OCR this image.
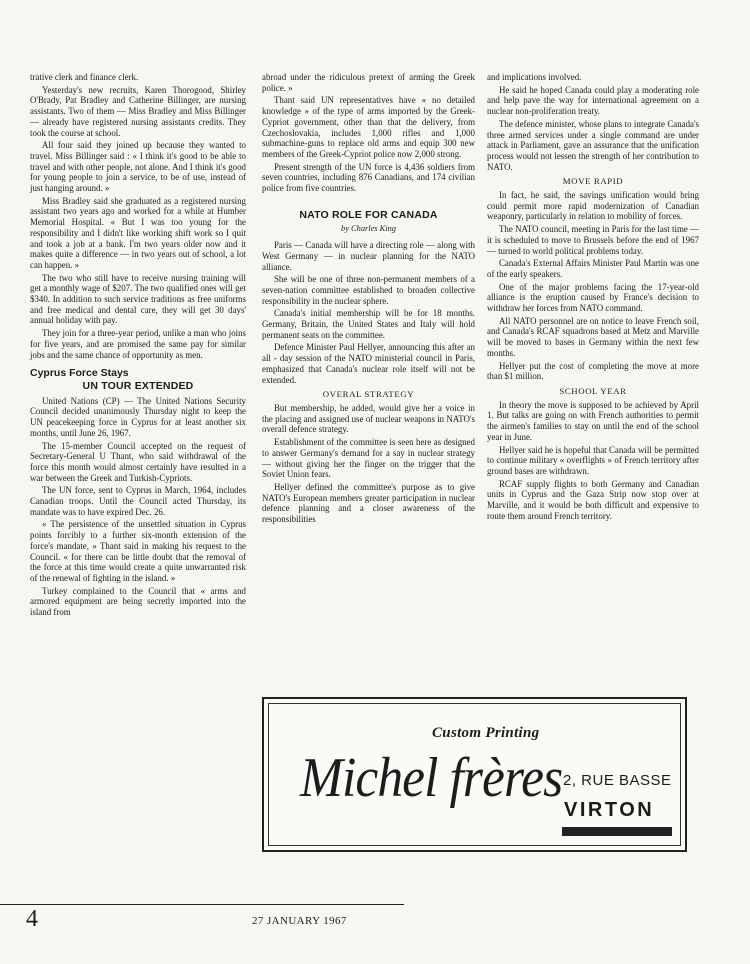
trative clerk and finance clerk.

Yesterday's new recruits, Karen Thorogood, Shirley O'Brady, Pat Bradley and Catherine Billinger, are nursing assistants. Two of them — Miss Bradley and Miss Billinger — already have registered nursing assistants credits. They took the course at school.

All four said they joined up because they wanted to travel. Miss Billinger said : « I think it's good to be able to travel and with other people, not alone. And I think it's good for young people to join a service, to be of use, instead of just hanging around. »

Miss Bradley said she graduated as a registered nursing assistant two years ago and worked for a while at Humber Memorial Hospital. « But I was too young for the responsibility and I didn't like working shift work so I quit and took a job at a bank. I'm two years older now and it makes quite a difference — in two years out of school, a lot can happen. »

The two who still have to receive nursing training will get a monthly wage of $207. The two qualified ones will get $340. In addition to such service traditions as free uniforms and free medical and dental care, they will get 30 days' annual holiday with pay.

They join for a three-year period, unlike a man who joins for five years, and are promised the same pay for similar jobs and the same chance of opportunity as men.

Cyprus Force Stays
UN TOUR EXTENDED

United Nations (CP) — The United Nations Security Council decided unanimously Thursday night to keep the UN peacekeeping force in Cyprus for at least another six months, until June 26, 1967.

The 15-member Council accepted on the request of Secretary-General U Thant, who said withdrawal of the force this month would almost certainly have resulted in a war between the Greek and Turkish-Cypriots.

The UN force, sent to Cyprus in March, 1964, includes Canadian troops. Until the Council acted Thursday, its mandate was to have expired Dec. 26.

« The persistence of the unsettled situation in Cyprus points forcibly to a further six-month extension of the force's mandate, » Thant said in making his request to the Council. « for there can be little doubt that the removal of the force at this time would create a quite unwarranted risk of the renewal of fighting in the island. »

Turkey complained to the Council that « arms and armored equipment are being secretly imported into the island from

abroad under the ridiculous pretext of arming the Greek police. »

Thant said UN representatives have « no detailed knowledge » of the type of arms imported by the Greek-Cypriot government, other than that the delivery, from Czechoslovakia, includes 1,000 rifles and 1,000 submachine-guns to replace old arms and equip 300 new members of the Greek-Cypriot police now 2,000 strong.

Present strength of the UN force is 4,436 soldiers from seven countries, including 876 Canadians, and 174 civilian police from five countries.

NATO ROLE FOR CANADA
by Charles King

Paris — Canada will have a directing role — along with West Germany — in nuclear planning for the NATO alliance.

She will be one of three non-permanent members of a seven-nation committee established to broaden collective responsibility in the nuclear sphere.

Canada's initial membership will be for 18 months. Germany, Britain, the United States and Italy will hold permanent seats on the committee.

Defence Minister Paul Hellyer, announcing this after an all - day session of the NATO ministerial council in Paris, emphasized that Canada's nuclear role itself will not be extended.

OVERAL STRATEGY

But membership, he added, would give her a voice in the placing and assigned use of nuclear weapons in NATO's overall defence strategy.

Establishment of the committee is seen here as designed to answer Germany's demand for a say in nuclear strategy — without giving her the finger on the trigger that the Soviet Union fears.

Hellyer defined the committee's purpose as to give NATO's European members greater participation in nuclear defence planning and a closer awareness of the responsibilities

and implications involved.

He said he hoped Canada could play a moderating role and help pave the way for international agreement on a nuclear non-proliferation treaty.

The defence minister, whose plans to integrate Canada's three armed services under a single command are under attack in Parliament, gave an assurance that the unification process would not lessen the strength of her contribution to NATO.

MOVE RAPID

In fact, he said, the savings unification would bring could permit more rapid modernization of Canadian weaponry, particularly in relation to mobility of forces.

The NATO council, meeting in Paris for the last time — it is scheduled to move to Brussels before the end of 1967 — turned to world political problems today.

Canada's External Affairs Minister Paul Martin was one of the early speakers.

One of the major problems facing the 17-year-old alliance is the eruption caused by France's decision to withdraw her forces from NATO command.

All NATO personnel are on notice to leave French soil, and Canada's RCAF squadrons based at Metz and Marville will be moved to bases in Germany within the next few months.

Hellyer put the cost of completing the move at more than $1 million.

SCHOOL YEAR

In theory the move is supposed to be achieved by April 1. But talks are going on with French authorities to permit the airmen's families to stay on until the end of the school year in June.

Hellyer said he is hopeful that Canada will be permitted to continue military « overflights » of French territory after ground bases are withdrawn.

RCAF supply flights to both Germany and Canadian units in Cyprus and the Gaza Strip now stop over at Marville, and it would be both difficult and expensive to route them around French territory.

Custom Printing
Michel frères 2, RUE BASSE
VIRTON
4	27 JANUARY 1967
